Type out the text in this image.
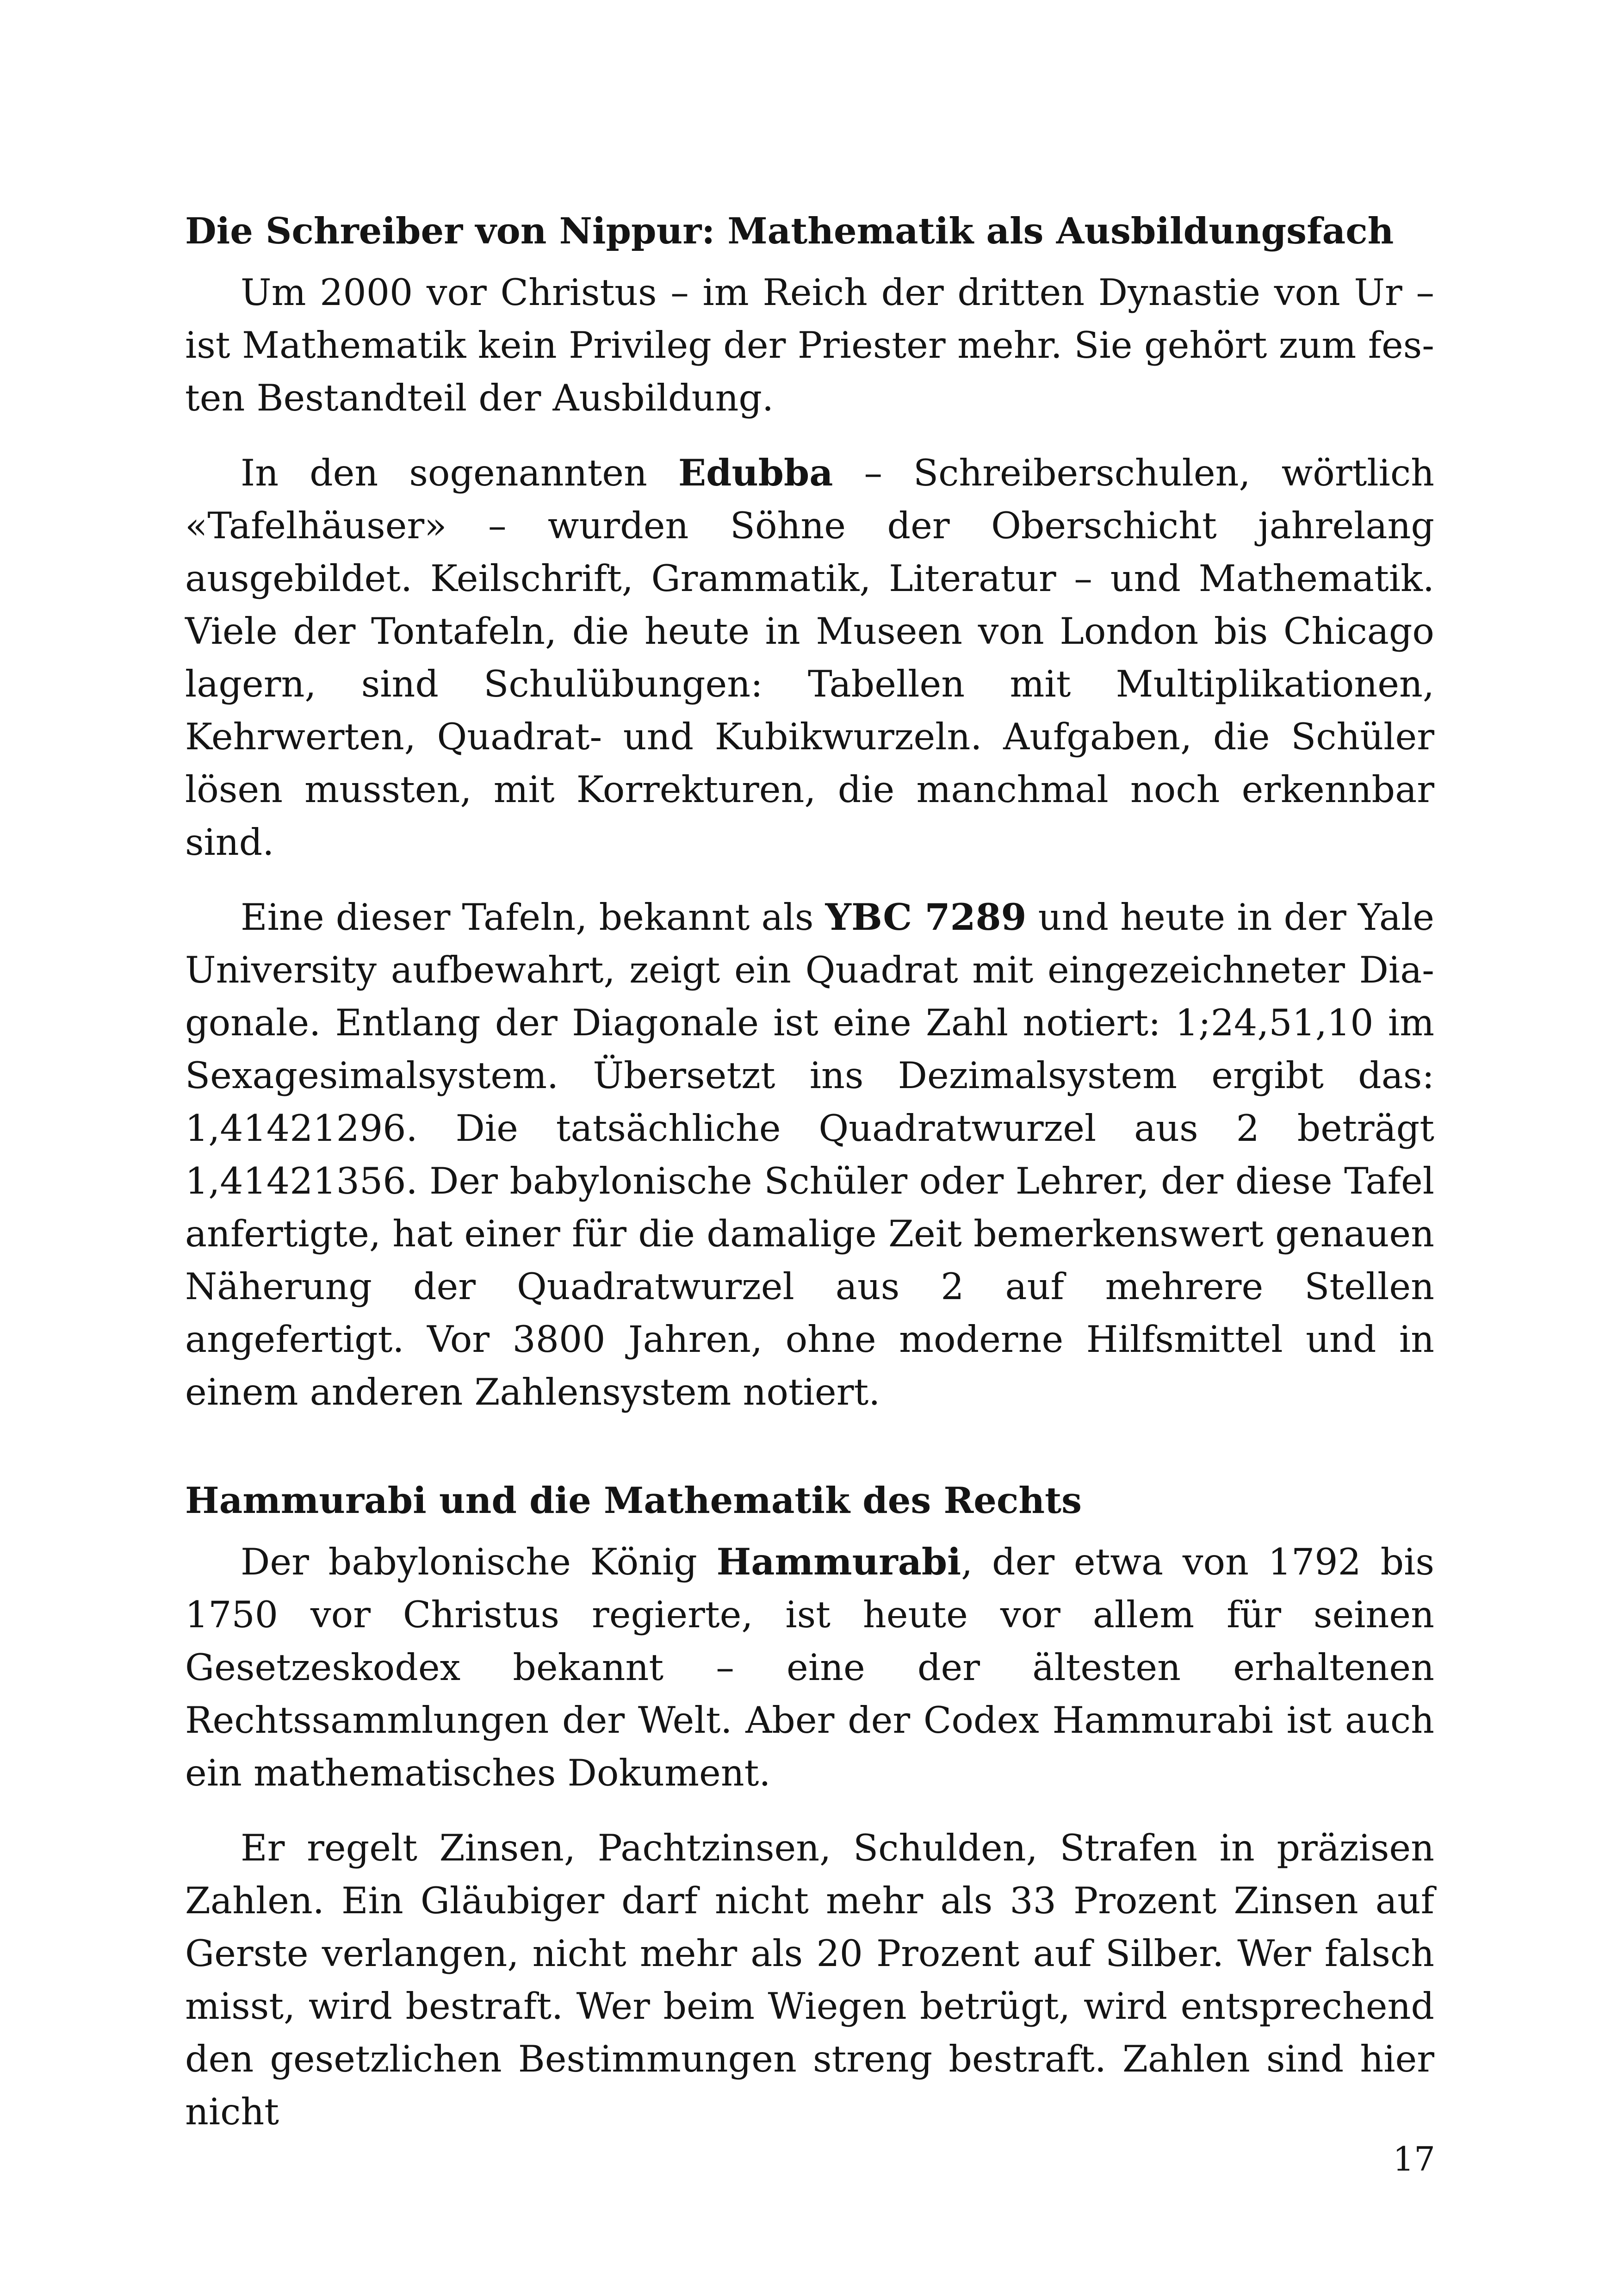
Die Schreiber von Nippur: Mathematik als Ausbildungsfach

Um 2000 vor Christus – im Reich der dritten Dynastie von Ur – ist Mathematik kein Privileg der Priester mehr. Sie gehört zum festen Bestandteil der Ausbildung.

In den sogenannten Edubba – Schreiberschulen, wörtlich «Tafelhäuser» – wurden Söhne der Oberschicht jahrelang ausgebildet. Keilschrift, Grammatik, Literatur – und Mathematik. Viele der Tontafeln, die heute in Museen von London bis Chicago lagern, sind Schulübungen: Tabellen mit Multiplikationen, Kehrwerten, Quadrat- und Kubikwurzeln. Aufgaben, die Schüler lösen mussten, mit Korrekturen, die manchmal noch erkennbar sind.

Eine dieser Tafeln, bekannt als YBC 7289 und heute in der Yale University aufbewahrt, zeigt ein Quadrat mit eingezeichneter Diagonale. Entlang der Diagonale ist eine Zahl notiert: 1;24,51,10 im Sexagesimalsystem. Übersetzt ins Dezimalsystem ergibt das: 1,41421296. Die tatsächliche Quadratwurzel aus 2 beträgt 1,41421356. Der babylonische Schüler oder Lehrer, der diese Tafel anfertigte, hat einer für die damalige Zeit bemerkenswert genauen Näherung der Quadratwurzel aus 2 auf mehrere Stellen angefertigt. Vor 3800 Jahren, ohne moderne Hilfsmittel und in einem anderen Zahlensystem notiert.

Hammurabi und die Mathematik des Rechts

Der babylonische König Hammurabi, der etwa von 1792 bis 1750 vor Christus regierte, ist heute vor allem für seinen Gesetzeskodex bekannt – eine der ältesten erhaltenen Rechtssammlungen der Welt. Aber der Codex Hammurabi ist auch ein mathematisches Dokument.

Er regelt Zinsen, Pachtzinsen, Schulden, Strafen in präzisen Zahlen. Ein Gläubiger darf nicht mehr als 33 Prozent Zinsen auf Gerste verlangen, nicht mehr als 20 Prozent auf Silber. Wer falsch misst, wird bestraft. Wer beim Wiegen betrügt, wird entsprechend den gesetzlichen Bestimmungen streng bestraft. Zahlen sind hier nicht

17
